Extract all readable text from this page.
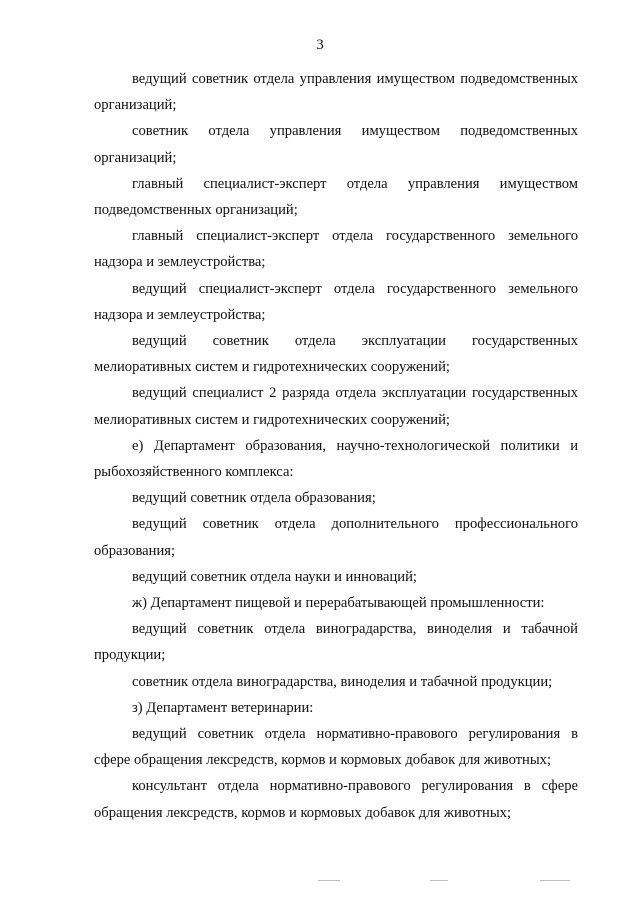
3

ведущий советник отдела управления имуществом подведомственных организаций;

советник отдела управления имуществом подведомственных организаций;

главный специалист-эксперт отдела управления имуществом подведомственных организаций;

главный специалист-эксперт отдела государственного земельного надзора и землеустройства;

ведущий специалист-эксперт отдела государственного земельного надзора и землеустройства;

ведущий советник отдела эксплуатации государственных мелиоративных систем и гидротехнических сооружений;

ведущий специалист 2 разряда отдела эксплуатации государственных мелиоративных систем и гидротехнических сооружений;

е) Департамент образования, научно-технологической политики и рыбохозяйственного комплекса:

ведущий советник отдела образования;

ведущий советник отдела дополнительного профессионального образования;

ведущий советник отдела науки и инноваций;

ж) Департамент пищевой и перерабатывающей промышленности:

ведущий советник отдела виноградарства, виноделия и табачной продукции;

советник отдела виноградарства, виноделия и табачной продукции;

з) Департамент ветеринарии:

ведущий советник отдела нормативно-правового регулирования в сфере обращения лексредств, кормов и кормовых добавок для животных;

консультант отдела нормативно-правового регулирования в сфере обращения лексредств, кормов и кормовых добавок для животных;
